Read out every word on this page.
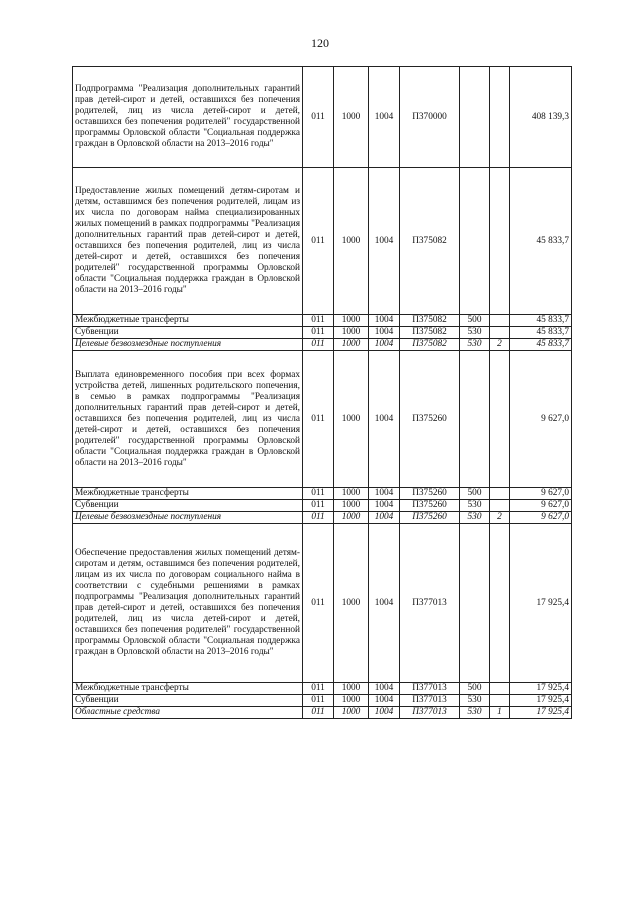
120
Подпрограмма "Реализация дополнительных гарантий прав детей-сирот и детей, оставшихся без попечения родителей, лиц из числа детей-сирот и детей, оставшихся без попечения родителей" государственной программы Орловской области "Социальная поддержка граждан в Орловской области на 2013–2016 годы"	011	1000	1004	П370000			408 139,3
Предоставление жилых помещений детям-сиротам и детям, оставшимся без попечения родителей, лицам из их числа по договорам найма специализированных жилых помещений в рамках подпрограммы "Реализация дополнительных гарантий прав детей-сирот и детей, оставшихся без попечения родителей, лиц из числа детей-сирот и детей, оставшихся без попечения родителей" государственной программы Орловской области "Социальная поддержка граждан в Орловской области на 2013–2016 годы"	011	1000	1004	П375082			45 833,7
Межбюджетные трансферты	011	1000	1004	П375082	500		45 833,7
Субвенции	011	1000	1004	П375082	530		45 833,7
Целевые безвозмездные поступления	011	1000	1004	П375082	530	2	45 833,7
Выплата единовременного пособия при всех формах устройства детей, лишенных родительского попечения, в семью в рамках подпрограммы "Реализация дополнительных гарантий прав детей-сирот и детей, оставшихся без попечения родителей, лиц из числа детей-сирот и детей, оставшихся без попечения родителей" государственной программы Орловской области "Социальная поддержка граждан в Орловской области на 2013–2016 годы"	011	1000	1004	П375260			9 627,0
Межбюджетные трансферты	011	1000	1004	П375260	500		9 627,0
Субвенции	011	1000	1004	П375260	530		9 627,0
Целевые безвозмездные поступления	011	1000	1004	П375260	530	2	9 627,0
Обеспечение предоставления жилых помещений детям-сиротам и детям, оставшимся без попечения родителей, лицам из их числа по договорам социального найма в соответствии с судебными решениями в рамках подпрограммы "Реализация дополнительных гарантий прав детей-сирот и детей, оставшихся без попечения родителей, лиц из числа детей-сирот и детей, оставшихся без попечения родителей" государственной программы Орловской области "Социальная поддержка граждан в Орловской области на 2013–2016 годы"	011	1000	1004	П377013			17 925,4
Межбюджетные трансферты	011	1000	1004	П377013	500		17 925,4
Субвенции	011	1000	1004	П377013	530		17 925,4
Областные средства	011	1000	1004	П377013	530	1	17 925,4
